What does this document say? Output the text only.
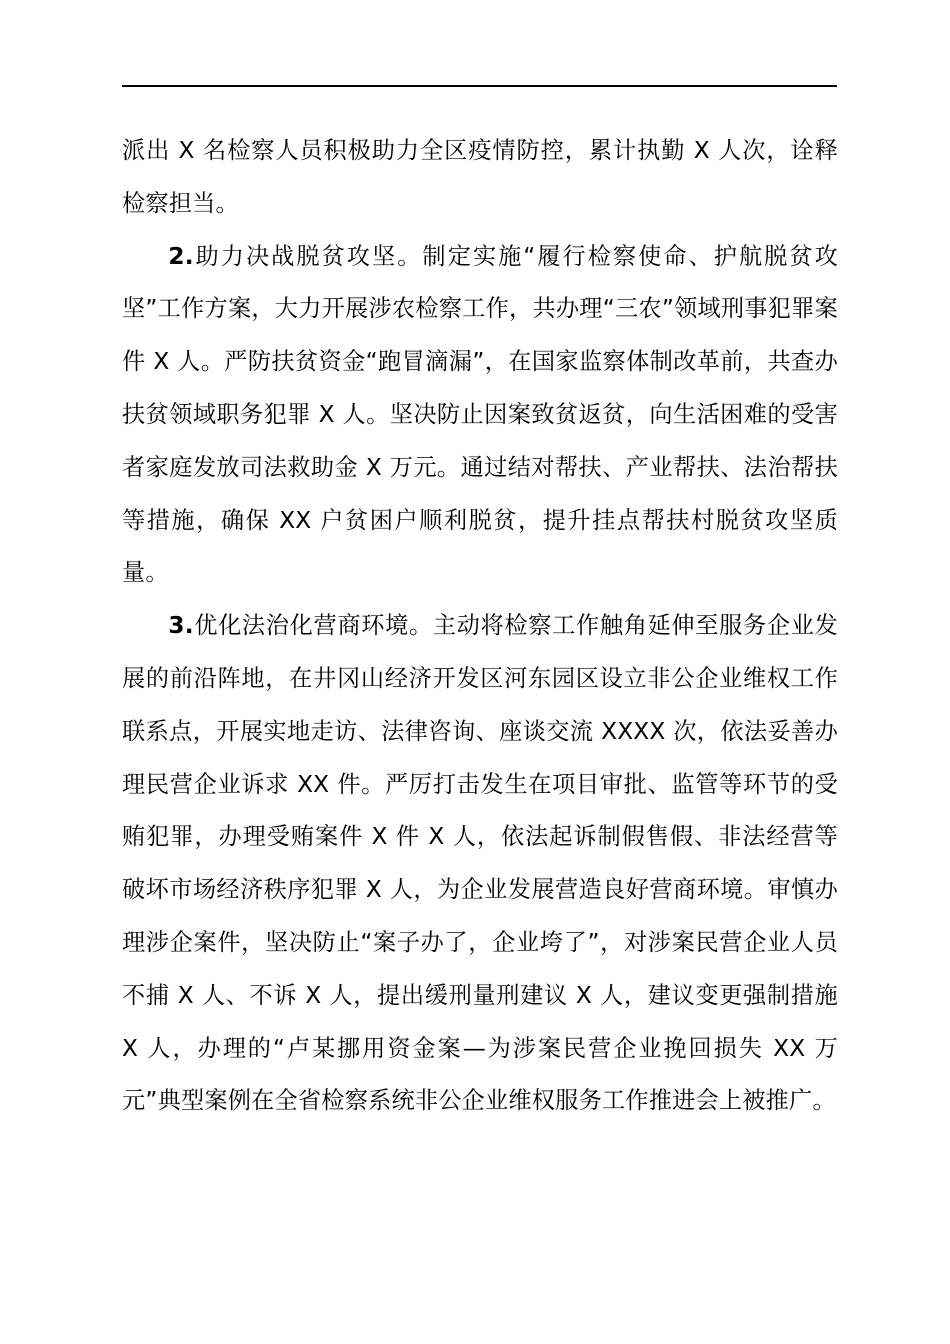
派出 X 名检察人员积极助力全区疫情防控，累计执勤 X 人次，诠释检察担当。

2.助力决战脱贫攻坚。制定实施“履行检察使命、护航脱贫攻坚”工作方案，大力开展涉农检察工作，共办理“三农”领域刑事犯罪案件 X 人。严防扶贫资金“跑冒滴漏”，在国家监察体制改革前，共查办扶贫领域职务犯罪 X 人。坚决防止因案致贫返贫，向生活困难的受害者家庭发放司法救助金 X 万元。通过结对帮扶、产业帮扶、法治帮扶等措施，确保 XX 户贫困户顺利脱贫，提升挂点帮扶村脱贫攻坚质量。

3.优化法治化营商环境。主动将检察工作触角延伸至服务企业发展的前沿阵地，在井冈山经济开发区河东园区设立非公企业维权工作联系点，开展实地走访、法律咨询、座谈交流 XXXX 次，依法妥善办理民营企业诉求 XX 件。严厉打击发生在项目审批、监管等环节的受贿犯罪，办理受贿案件 X 件 X 人，依法起诉制假售假、非法经营等破坏市场经济秩序犯罪 X 人，为企业发展营造良好营商环境。审慎办理涉企案件，坚决防止“案子办了，企业垮了”，对涉案民营企业人员不捕 X 人、不诉 X 人，提出缓刑量刑建议 X 人，建议变更强制措施 X 人，办理的“卢某挪用资金案—为涉案民营企业挽回损失 XX 万元”典型案例在全省检察系统非公企业维权服务工作推进会上被推广。
